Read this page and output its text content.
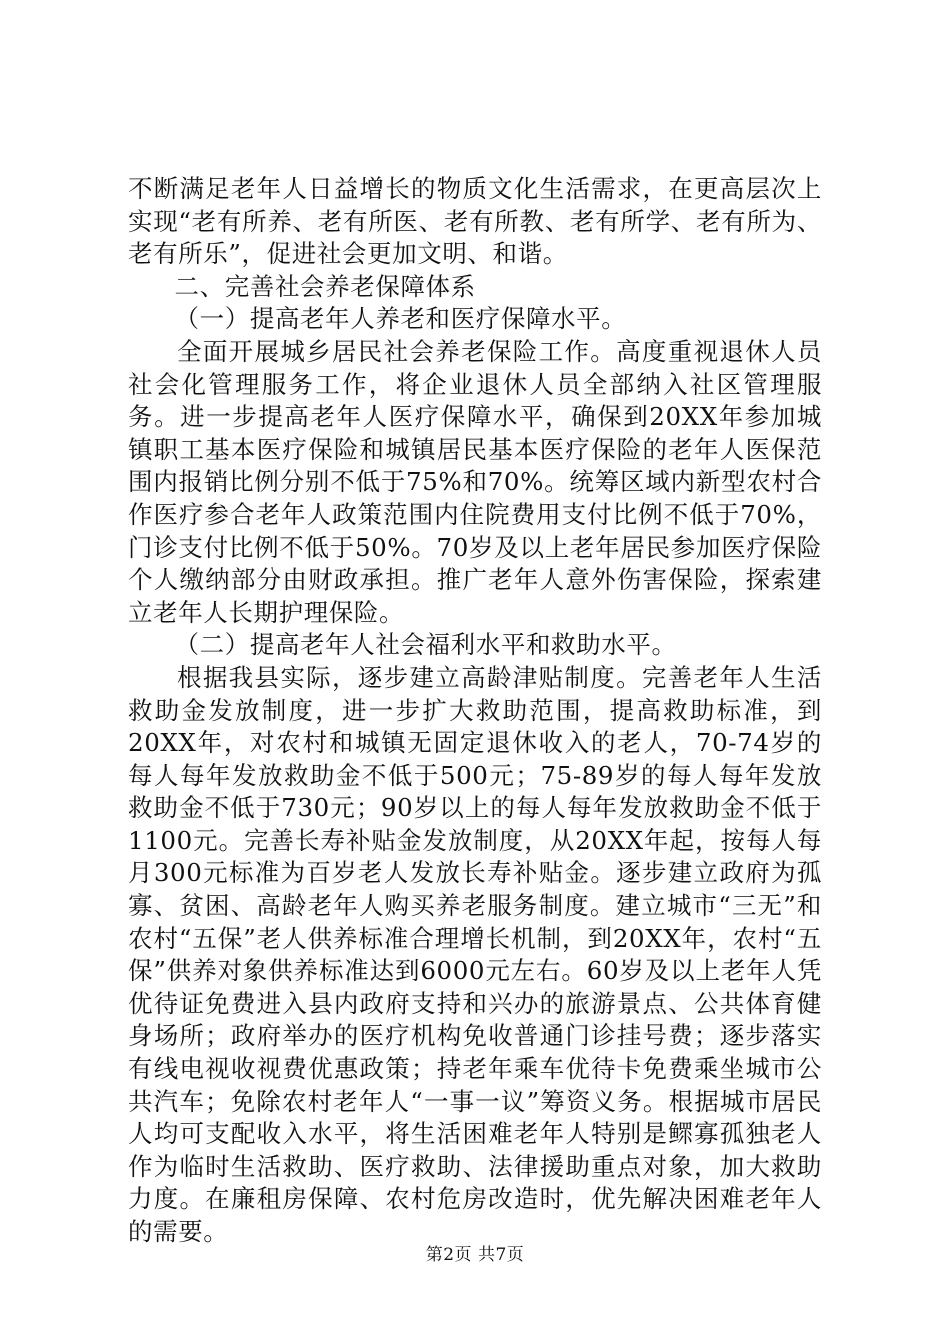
不断满足老年人日益增长的物质文化生活需求，在更高层次上实现“老有所养、老有所医、老有所教、老有所学、老有所为、老有所乐”，促进社会更加文明、和谐。

二、完善社会养老保障体系

（一）提高老年人养老和医疗保障水平。

全面开展城乡居民社会养老保险工作。高度重视退休人员社会化管理服务工作，将企业退休人员全部纳入社区管理服务。进一步提高老年人医疗保障水平，确保到20XX年参加城镇职工基本医疗保险和城镇居民基本医疗保险的老年人医保范围内报销比例分别不低于75%和70%。统筹区域内新型农村合作医疗参合老年人政策范围内住院费用支付比例不低于70%，门诊支付比例不低于50%。70岁及以上老年居民参加医疗保险个人缴纳部分由财政承担。推广老年人意外伤害保险，探索建立老年人长期护理保险。

（二）提高老年人社会福利水平和救助水平。

根据我县实际，逐步建立高龄津贴制度。完善老年人生活救助金发放制度，进一步扩大救助范围，提高救助标准，到20XX年，对农村和城镇无固定退休收入的老人，70-74岁的每人每年发放救助金不低于500元；75-89岁的每人每年发放救助金不低于730元；90岁以上的每人每年发放救助金不低于1100元。完善长寿补贴金发放制度，从20XX年起，按每人每月300元标准为百岁老人发放长寿补贴金。逐步建立政府为孤寡、贫困、高龄老年人购买养老服务制度。建立城市“三无”和农村“五保”老人供养标准合理增长机制，到20XX年，农村“五保”供养对象供养标准达到6000元左右。60岁及以上老年人凭优待证免费进入县内政府支持和兴办的旅游景点、公共体育健身场所；政府举办的医疗机构免收普通门诊挂号费；逐步落实有线电视收视费优惠政策；持老年乘车优待卡免费乘坐城市公共汽车；免除农村老年人“一事一议”筹资义务。根据城市居民人均可支配收入水平，将生活困难老年人特别是鳏寡孤独老人作为临时生活救助、医疗救助、法律援助重点对象，加大救助力度。在廉租房保障、农村危房改造时，优先解决困难老年人的需要。

第2页 共7页
